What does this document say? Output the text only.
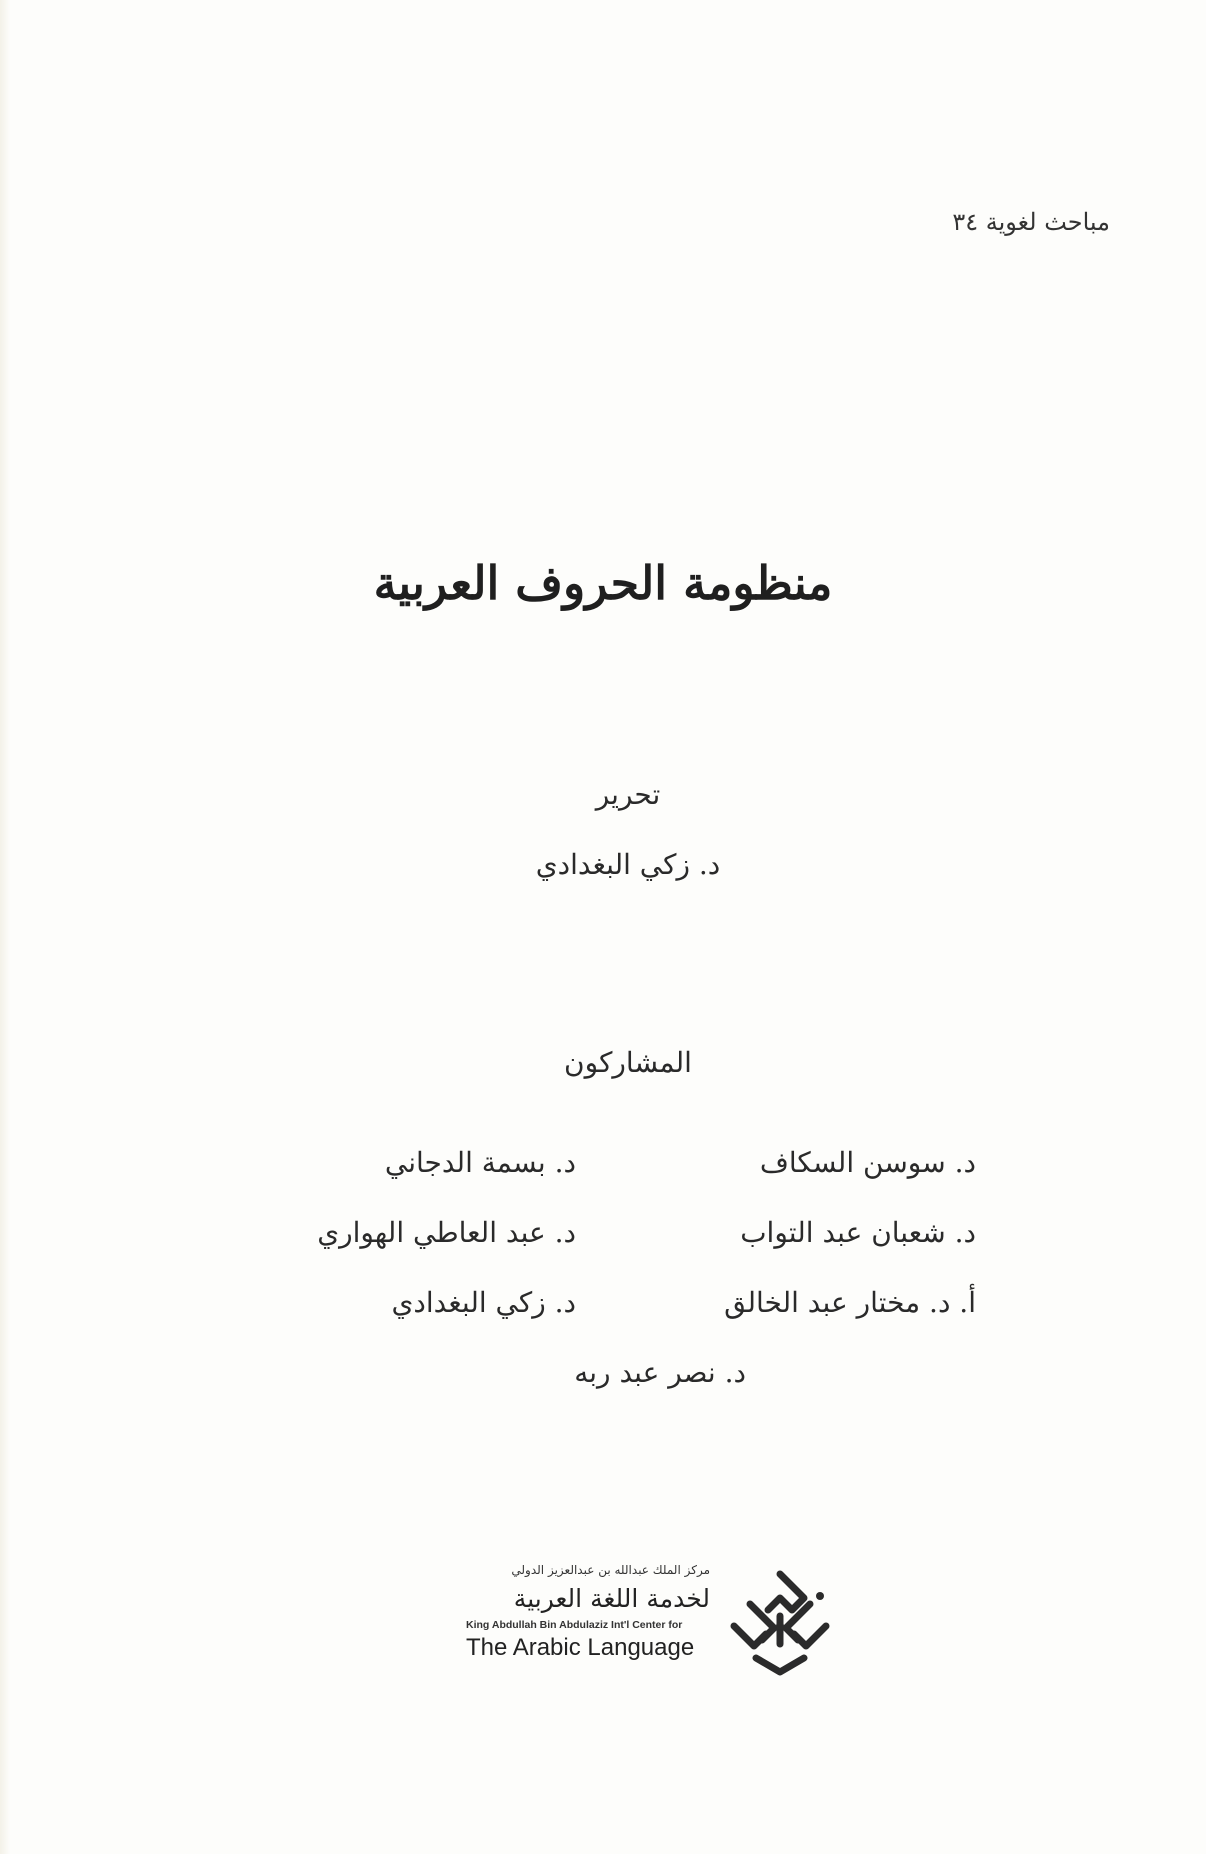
مباحث لغوية ٣٤
منظومة الحروف العربية
تحرير
د. زكي البغدادي
المشاركون
د. سوسن السكاف
د. بسمة الدجاني
د. شعبان عبد التواب
د. عبد العاطي الهواري
أ. د. مختار عبد الخالق
د. زكي البغدادي
د. نصر عبد ربه
مركز الملك عبدالله بن عبدالعزيز الدولي
لخدمة اللغة العربية
King Abdullah Bin Abdulaziz Int'l Center for
The Arabic Language
